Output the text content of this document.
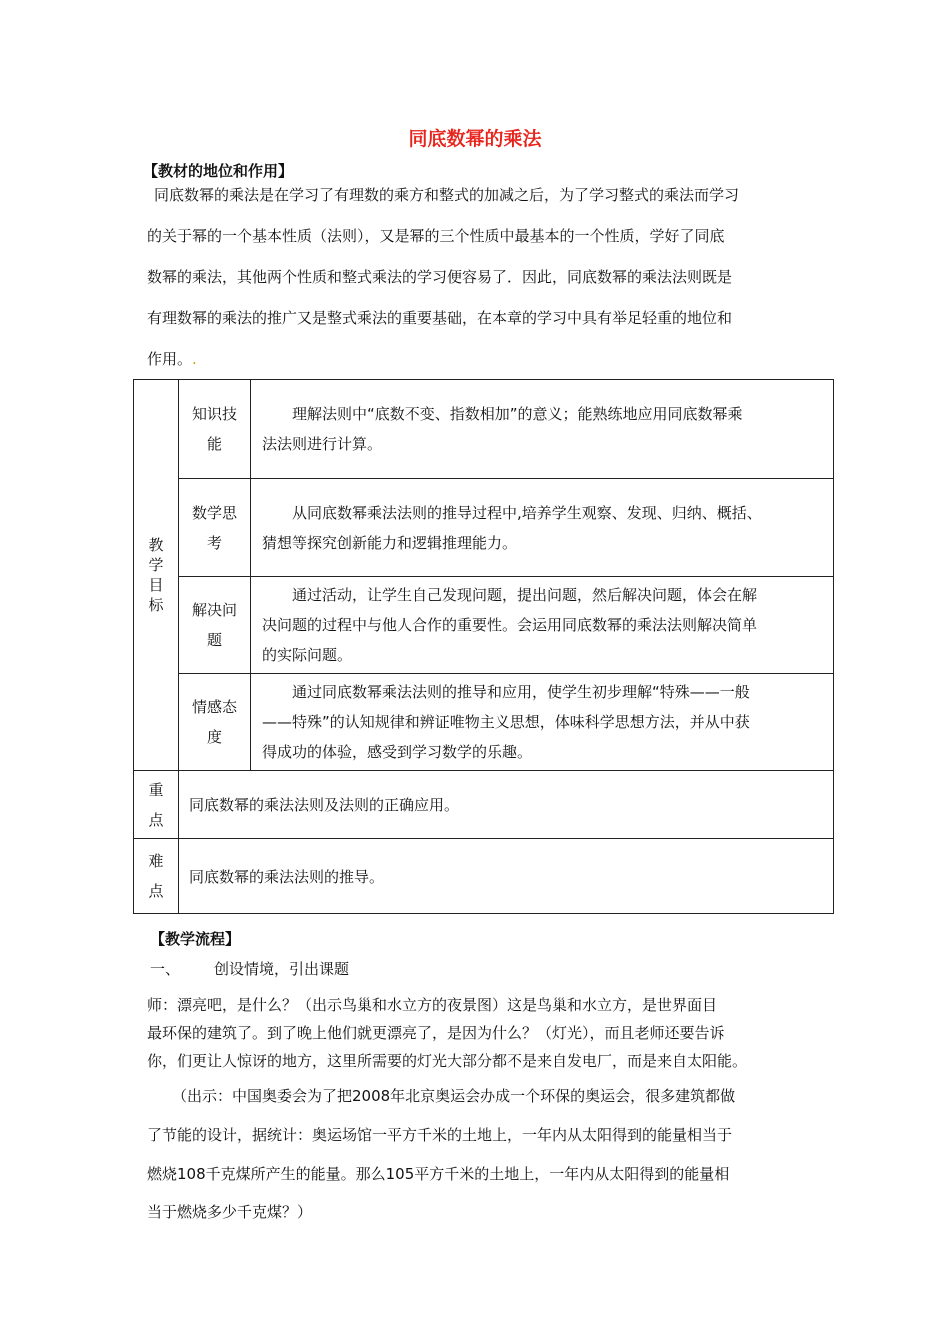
同底数幂的乘法
【教材的地位和作用】
同底数幂的乘法是在学习了有理数的乘方和整式的加减之后，为了学习整式的乘法而学习
的关于幂的一个基本性质（法则），又是幂的三个性质中最基本的一个性质，学好了同底
数幂的乘法，其他两个性质和整式乘法的学习便容易了．因此，同底数幂的乘法法则既是
有理数幂的乘法的推广又是整式乘法的重要基础，在本章的学习中具有举足轻重的地位和
作用。.
教学目标	知识技能	理解法则中“底数不变、指数相加”的意义；能熟练地应用同底数幂乘
法法则进行计算。

	数学思考	从同底数幂乘法法则的推导过程中,培养学生观察、发现、归纳、概括、
猜想等探究创新能力和逻辑推理能力。

	解决问题	通过活动，让学生自己发现问题，提出问题，然后解决问题，体会在解
决问题的过程中与他人合作的重要性。会运用同底数幂的乘法法则解决简单
的实际问题。

	情感态度	通过同底数幂乘法法则的推导和应用，使学生初步理解“特殊——一般
——特殊”的认知规律和辨证唯物主义思想，体味科学思想方法，并从中获
得成功的体验，感受到学习数学的乐趣。

重点	同底数幂的乘法法则及法则的正确应用。	
难点	同底数幂的乘法法则的推导。	
【教学流程】
一、 创设情境，引出课题
师：漂亮吧，是什么？（出示鸟巢和水立方的夜景图）这是鸟巢和水立方，是世界面目
最环保的建筑了。到了晚上他们就更漂亮了，是因为什么？（灯光），而且老师还要告诉
你，们更让人惊讶的地方，这里所需要的灯光大部分都不是来自发电厂，而是来自太阳能。
（出示：中国奥委会为了把2008年北京奥运会办成一个环保的奥运会，很多建筑都做
了节能的设计，据统计：奥运场馆一平方千米的土地上，一年内从太阳得到的能量相当于
燃烧108千克煤所产生的能量。那么105平方千米的土地上，一年内从太阳得到的能量相
当于燃烧多少千克煤？）
